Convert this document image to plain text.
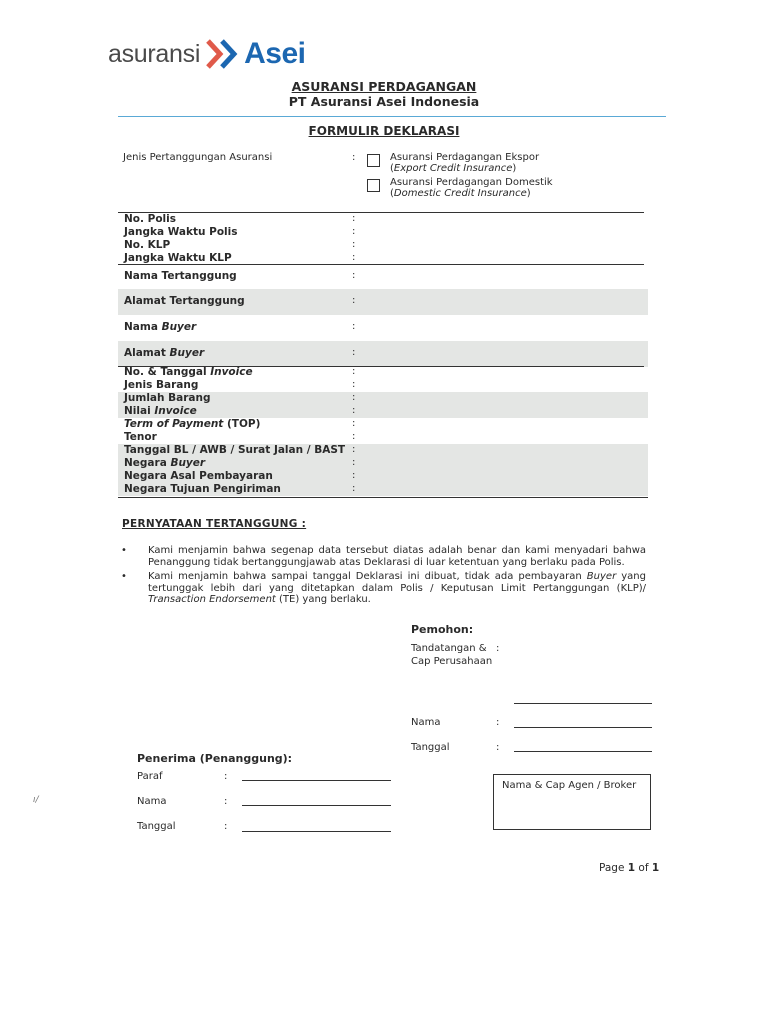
asuransi Asei
ASURANSI PERDAGANGAN
PT Asuransi Asei Indonesia
FORMULIR DEKLARASI
Jenis Pertanggungan Asuransi	:	Asuransi Perdagangan Ekspor
(Export Credit Insurance)
Asuransi Perdagangan Domestik
(Domestic Credit Insurance)
No. Polis	:
Jangka Waktu Polis	:
No. KLP	:
Jangka Waktu KLP	:
Nama Tertanggung	:
Alamat Tertanggung	:
Nama Buyer	:
Alamat Buyer	:
No. & Tanggal Invoice	:
Jenis Barang	:
Jumlah Barang	:
Nilai Invoice	:
Term of Payment (TOP)	:
Tenor	:
Tanggal BL / AWB / Surat Jalan / BAST :
Negara Buyer	:
Negara Asal Pembayaran	:
Negara Tujuan Pengiriman	:
PERNYATAAN TERTANGGUNG :
• Kami menjamin bahwa segenap data tersebut diatas adalah benar dan kami menyadari bahwa Penanggung tidak bertanggungjawab atas Deklarasi di luar ketentuan yang berlaku pada Polis.
• Kami menjamin bahwa sampai tanggal Deklarasi ini dibuat, tidak ada pembayaran Buyer yang tertunggak lebih dari yang ditetapkan dalam Polis / Keputusan Limit Pertanggungan (KLP)/ Transaction Endorsement (TE) yang berlaku.
Pemohon:
Tandatangan &
Cap Perusahaan
:
Nama	:
Tanggal	:
Penerima (Penanggung):
Paraf	:
Nama	:
Tanggal	:
Nama & Cap Agen / Broker
Page 1 of 1
ı/
